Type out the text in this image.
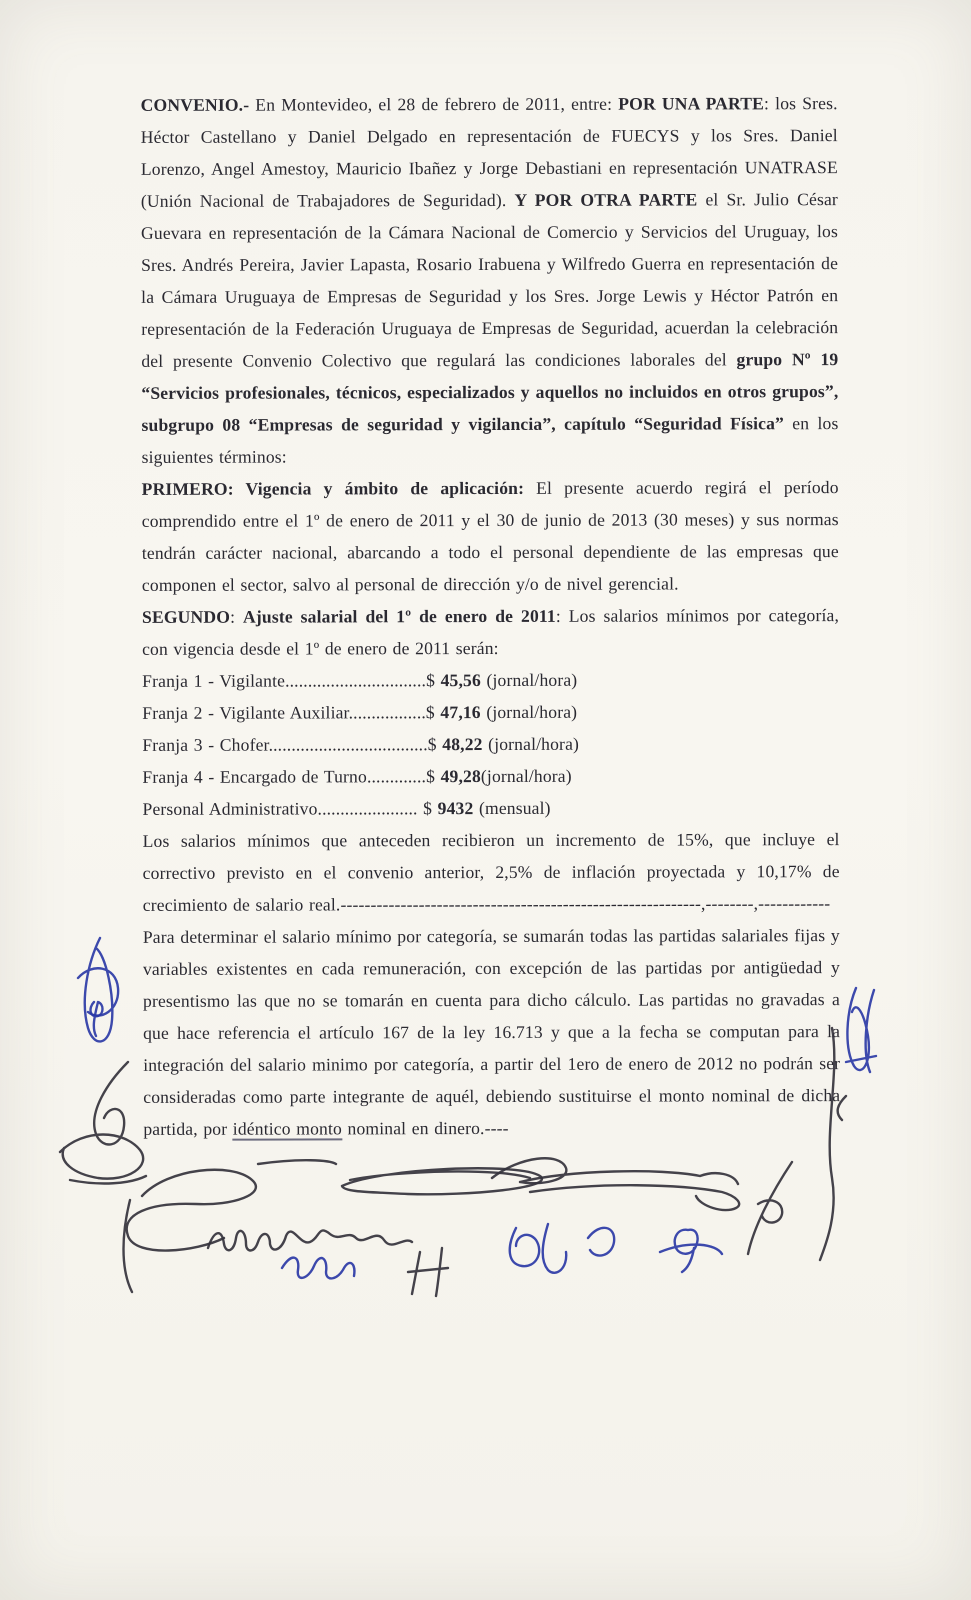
CONVENIO.- En Montevideo, el 28 de febrero de 2011, entre: POR UNA PARTE: los Sres. Héctor Castellano y Daniel Delgado en representación de FUECYS y los Sres. Daniel Lorenzo, Angel Amestoy, Mauricio Ibañez y Jorge Debastiani en representación UNATRASE (Unión Nacional de Trabajadores de Seguridad). Y POR OTRA PARTE el Sr. Julio César Guevara en representación de la Cámara Nacional de Comercio y Servicios del Uruguay, los Sres. Andrés Pereira, Javier Lapasta, Rosario Irabuena y Wilfredo Guerra en representación de la Cámara Uruguaya de Empresas de Seguridad y los Sres. Jorge Lewis y Héctor Patrón en representación de la Federación Uruguaya de Empresas de Seguridad, acuerdan la celebración del presente Convenio Colectivo que regulará las condiciones laborales del grupo Nº 19 “Servicios profesionales, técnicos, especializados y aquellos no incluidos en otros grupos”, subgrupo 08 “Empresas de seguridad y vigilancia”, capítulo “Seguridad Física” en los siguientes términos:

PRIMERO: Vigencia y ámbito de aplicación: El presente acuerdo regirá el período comprendido entre el 1º de enero de 2011 y el 30 de junio de 2013 (30 meses) y sus normas tendrán carácter nacional, abarcando a todo el personal dependiente de las empresas que componen el sector, salvo al personal de dirección y/o de nivel gerencial.

SEGUNDO: Ajuste salarial del 1º de enero de 2011: Los salarios mínimos por categoría, con vigencia desde el 1º de enero de 2011 serán:

Franja 1 - Vigilante...............................$ 45,56 (jornal/hora)

Franja 2 - Vigilante Auxiliar.................$ 47,16 (jornal/hora)

Franja 3 - Chofer...................................$ 48,22 (jornal/hora)

Franja 4 - Encargado de Turno.............$ 49,28(jornal/hora)

Personal Administrativo...................... $ 9432 (mensual)

Los salarios mínimos que anteceden recibieron un incremento de 15%, que incluye el correctivo previsto en el convenio anterior, 2,5% de inflación proyectada y 10,17% de crecimiento de salario real.------------------------------------------------------------,--------,------------

Para determinar el salario mínimo por categoría, se sumarán todas las partidas salariales fijas y variables existentes en cada remuneración, con excepción de las partidas por antigüedad y presentismo las que no se tomarán en cuenta para dicho cálculo. Las partidas no gravadas a que hace referencia el artículo 167 de la ley 16.713 y que a la fecha se computan para la integración del salario minimo por categoría, a partir del 1ero de enero de 2012 no podrán ser consideradas como parte integrante de aquél, debiendo sustituirse el monto nominal de dicha partida, por idéntico monto nominal en dinero.----
